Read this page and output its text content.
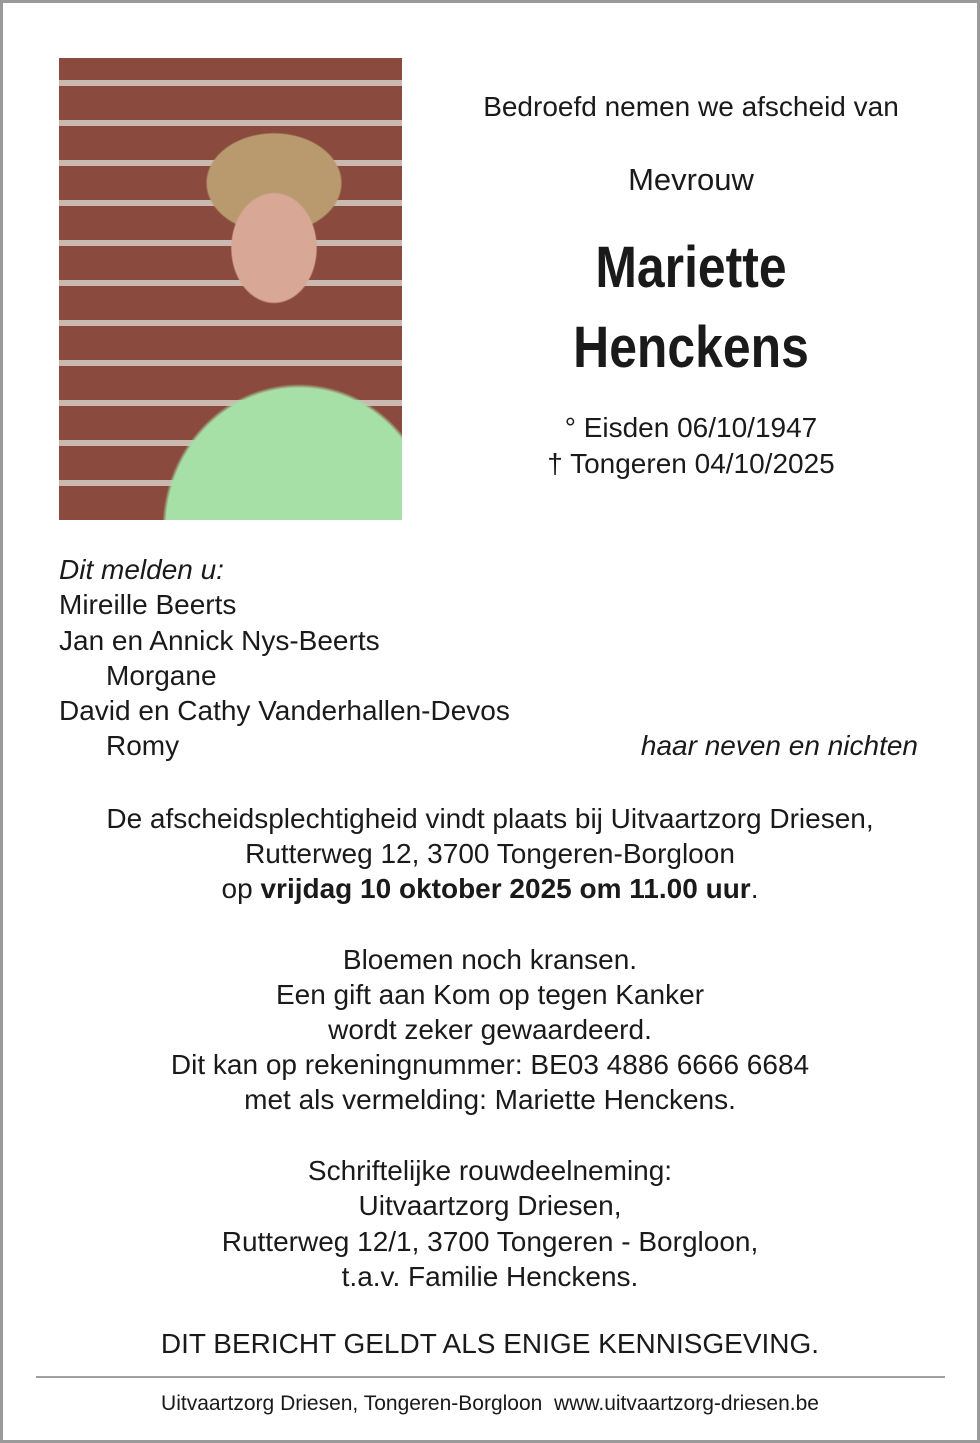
Bedroefd nemen we afscheid van
Mevrouw
Mariette
Henckens
° Eisden 06/10/1947
† Tongeren 04/10/2025
Dit melden u:
Mireille Beerts
Jan en Annick Nys-Beerts
Morgane
David en Cathy Vanderhallen-Devos
Romy	haar neven en nichten
De afscheidsplechtigheid vindt plaats bij Uitvaartzorg Driesen,
Rutterweg 12, 3700 Tongeren-Borgloon
op vrijdag 10 oktober 2025 om 11.00 uur.
Bloemen noch kransen.
Een gift aan Kom op tegen Kanker
wordt zeker gewaardeerd.
Dit kan op rekeningnummer: BE03 4886 6666 6684
met als vermelding: Mariette Henckens.
Schriftelijke rouwdeelneming:
Uitvaartzorg Driesen,
Rutterweg 12/1, 3700 Tongeren - Borgloon,
t.a.v. Familie Henckens.
DIT BERICHT GELDT ALS ENIGE KENNISGEVING.
Uitvaartzorg Driesen, Tongeren-Borgloon www.uitvaartzorg-driesen.be
